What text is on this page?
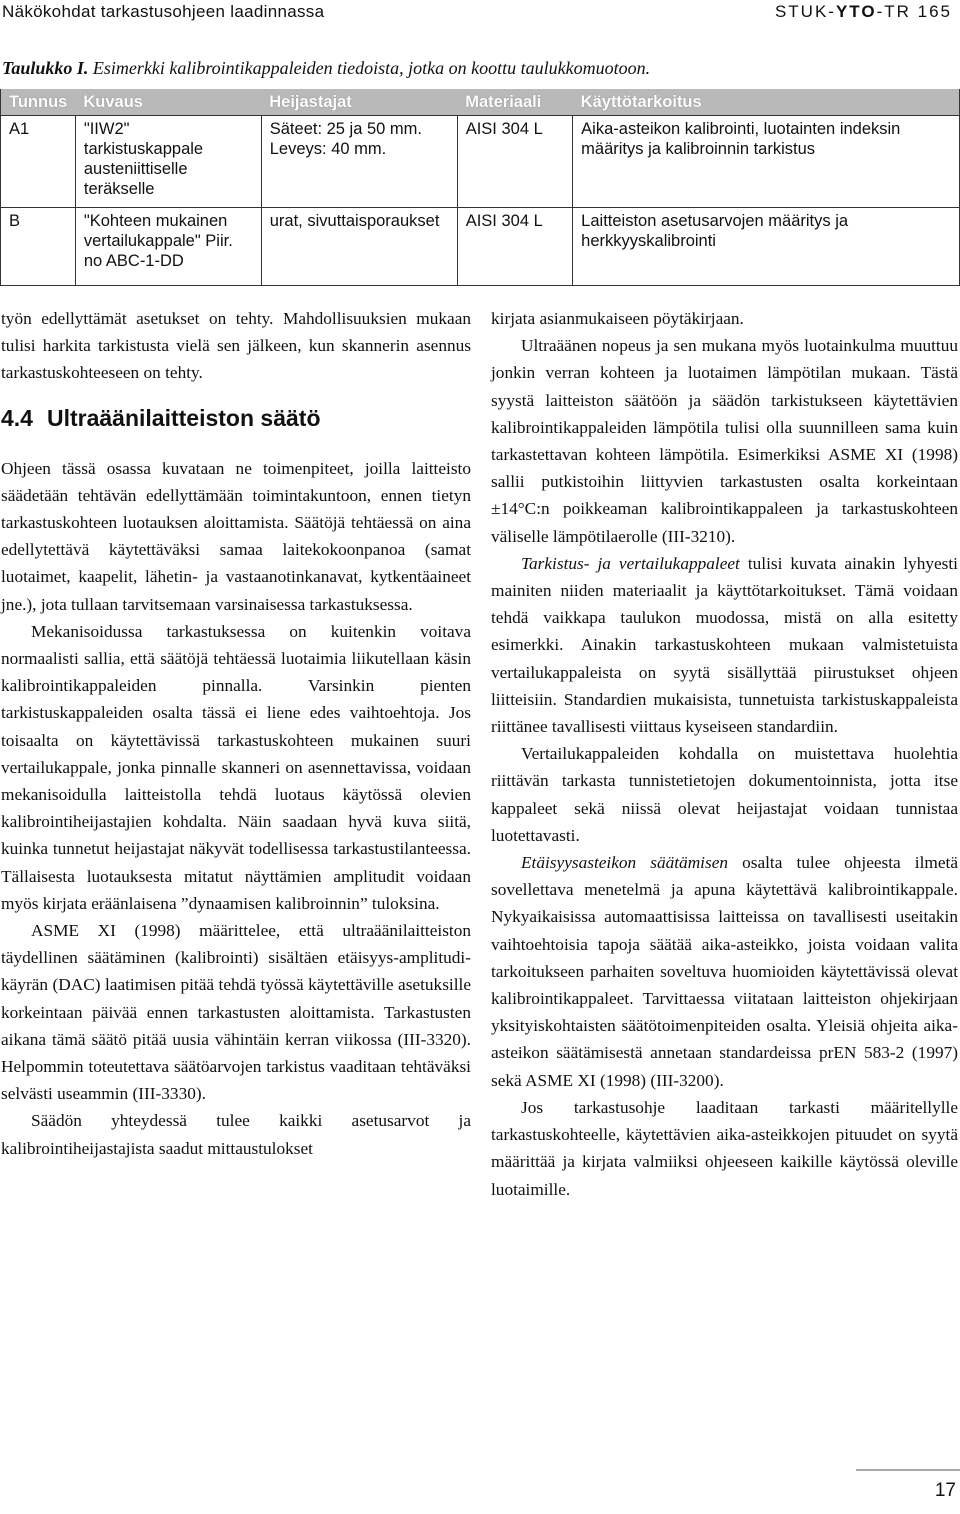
Näkökohdat tarkastusohjeen laadinnassa	STUK-YTO-TR 165
Taulukko I. Esimerkki kalibrointikappaleiden tiedoista, jotka on koottu taulukkomuotoon.
Tunnus	Kuvaus	Heijastajat	Materiaali	Käyttötarkoitus
A1	"IIW2" tarkistuskappale austeniittiselle teräkselle	Säteet: 25 ja 50 mm. Leveys: 40 mm.	AISI 304 L	Aika-asteikon kalibrointi, luotainten indeksin määritys ja kalibroinnin tarkistus
B	"Kohteen mukainen vertailukappale" Piir. no ABC-1-DD	urat, sivuttaisporaukset	AISI 304 L	Laitteiston asetusarvojen määritys ja herkkyyskalibrointi

työn edellyttämät asetukset on tehty. Mahdollisuuksien mukaan tulisi harkita tarkistusta vielä sen jälkeen, kun skannerin asennus tarkastuskohteeseen on tehty.

4.4 Ultraäänilaitteiston säätö

Ohjeen tässä osassa kuvataan ne toimenpiteet, joilla laitteisto säädetään tehtävän edellyttämään toimintakuntoon, ennen tietyn tarkastuskohteen luotauksen aloittamista. Säätöjä tehtäessä on aina edellytettävä käytettäväksi samaa laitekokoonpanoa (samat luotaimet, kaapelit, lähetin- ja vastaanotinkanavat, kytkentäaineet jne.), jota tullaan tarvitsemaan varsinaisessa tarkastuksessa.

Mekanisoidussa tarkastuksessa on kuitenkin voitava normaalisti sallia, että säätöjä tehtäessä luotaimia liikutellaan käsin kalibrointikappaleiden pinnalla. Varsinkin pienten tarkistuskappaleiden osalta tässä ei liene edes vaihtoehtoja. Jos toisaalta on käytettävissä tarkastuskohteen mukainen suuri vertailukappale, jonka pinnalle skanneri on asennettavissa, voidaan mekanisoidulla laitteistolla tehdä luotaus käytössä olevien kalibrointiheijastajien kohdalta. Näin saadaan hyvä kuva siitä, kuinka tunnetut heijastajat näkyvät todellisessa tarkastustilanteessa. Tällaisesta luotauksesta mitatut näyttämien amplitudit voidaan myös kirjata eräänlaisena ”dynaamisen kalibroinnin” tuloksina.

ASME XI (1998) määrittelee, että ultraäänilaitteiston täydellinen säätäminen (kalibrointi) sisältäen etäisyys-amplitudi-käyrän (DAC) laatimisen pitää tehdä työssä käytettäville asetuksille korkeintaan päivää ennen tarkastusten aloittamista. Tarkastusten aikana tämä säätö pitää uusia vähintäin kerran viikossa (III-3320). Helpommin toteutettava säätöarvojen tarkistus vaaditaan tehtäväksi selvästi useammin (III-3330).

Säädön yhteydessä tulee kaikki asetusarvot ja kalibrointiheijastajista saadut mittaustulokset

kirjata asianmukaiseen pöytäkirjaan.

Ultraäänen nopeus ja sen mukana myös luotainkulma muuttuu jonkin verran kohteen ja luotaimen lämpötilan mukaan. Tästä syystä laitteiston säätöön ja säädön tarkistukseen käytettävien kalibrointikappaleiden lämpötila tulisi olla suunnilleen sama kuin tarkastettavan kohteen lämpötila. Esimerkiksi ASME XI (1998) sallii putkistoihin liittyvien tarkastusten osalta korkeintaan ±14°C:n poikkeaman kalibrointikappaleen ja tarkastuskohteen väliselle lämpötilaerolle (III-3210).

Tarkistus- ja vertailukappaleet tulisi kuvata ainakin lyhyesti mainiten niiden materiaalit ja käyttötarkoitukset. Tämä voidaan tehdä vaikkapa taulukon muodossa, mistä on alla esitetty esimerkki. Ainakin tarkastuskohteen mukaan valmistetuista vertailukappaleista on syytä sisällyttää piirustukset ohjeen liitteisiin. Standardien mukaisista, tunnetuista tarkistuskappaleista riittänee tavallisesti viittaus kyseiseen standardiin.

Vertailukappaleiden kohdalla on muistettava huolehtia riittävän tarkasta tunnistetietojen dokumentoinnista, jotta itse kappaleet sekä niissä olevat heijastajat voidaan tunnistaa luotettavasti.

Etäisyysasteikon säätämisen osalta tulee ohjeesta ilmetä sovellettava menetelmä ja apuna käytettävä kalibrointikappale. Nykyaikaisissa automaattisissa laitteissa on tavallisesti useitakin vaihtoehtoisia tapoja säätää aika-asteikko, joista voidaan valita tarkoitukseen parhaiten soveltuva huomioiden käytettävissä olevat kalibrointikappaleet. Tarvittaessa viitataan laitteiston ohjekirjaan yksityiskohtaisten säätötoimenpiteiden osalta. Yleisiä ohjeita aika-asteikon säätämisestä annetaan standardeissa prEN 583-2 (1997) sekä ASME XI (1998) (III-3200).

Jos tarkastusohje laaditaan tarkasti määritellylle tarkastuskohteelle, käytettävien aika-asteikkojen pituudet on syytä määrittää ja kirjata valmiiksi ohjeeseen kaikille käytössä oleville luotaimille.

17
